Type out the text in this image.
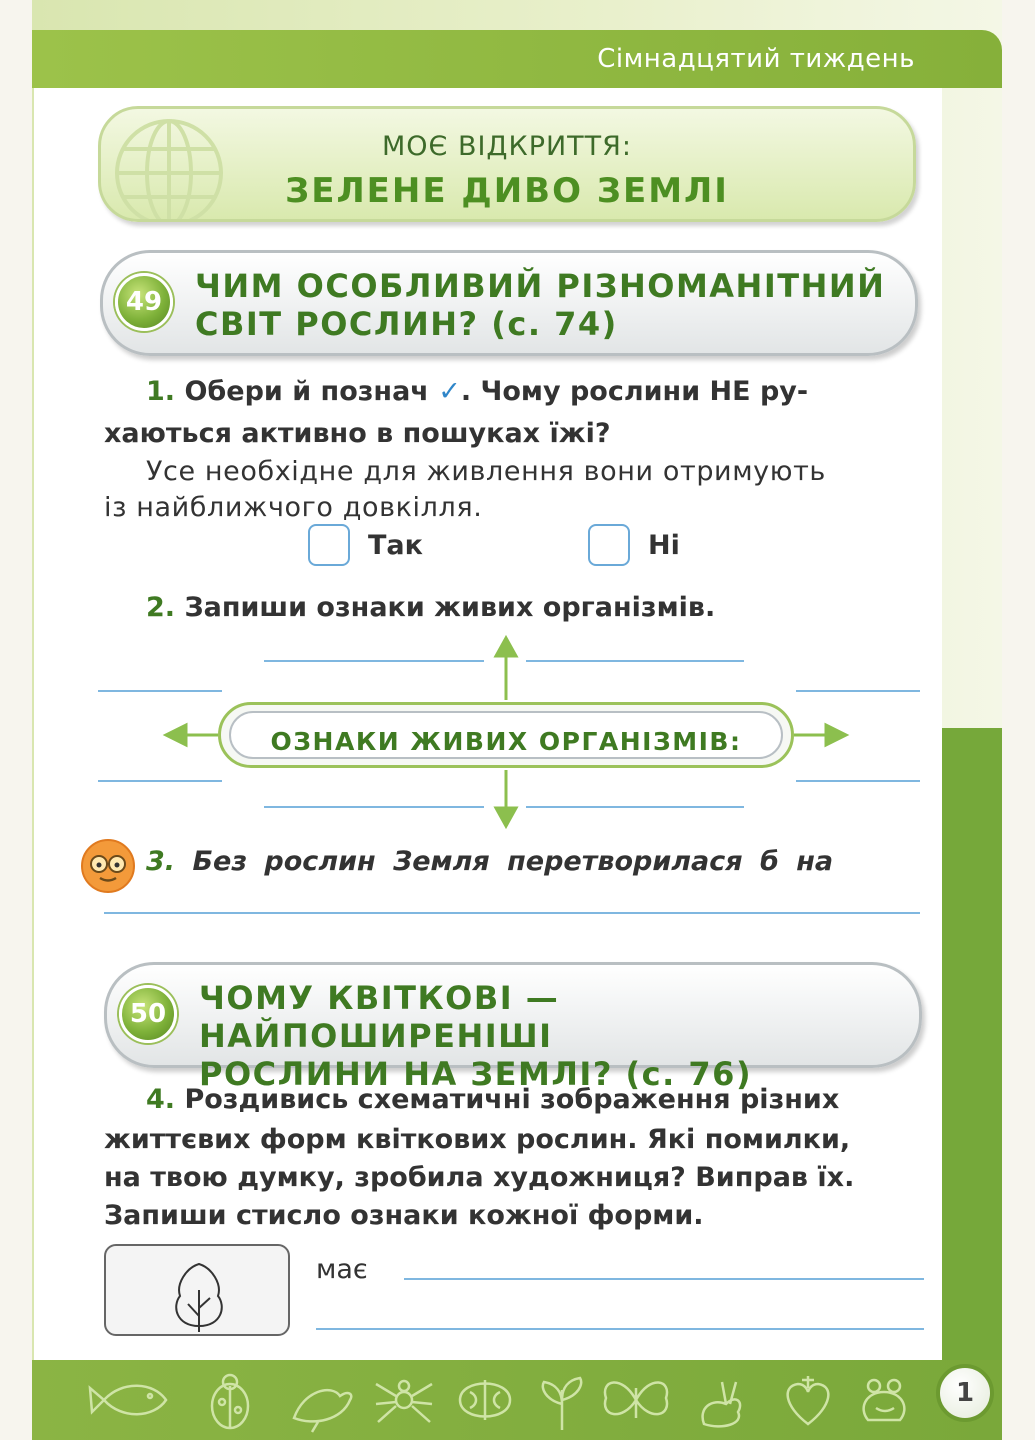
Сімнадцятий тиждень
МОЄ ВІДКРИТТЯ:
ЗЕЛЕНЕ ДИВО ЗЕМЛІ
49	ЧИМ ОСОБЛИВИЙ РІЗНОМАНІТНИЙ
СВІТ РОСЛИН? (с. 74)
1. Обери й познач ✓. Чому рослини НЕ ру-
хаються активно в пошуках їжі?
Усе необхідне для живлення вони отримують
із найближчого довкілля.
Так	Ні
2. Запиши ознаки живих організмів.
ОЗНАКИ ЖИВИХ ОРГАНІЗМІВ:
3. Без рослин Земля перетворилася б на
50	ЧОМУ КВІТКОВІ — НАЙПОШИРЕНІШІ
РОСЛИНИ НА ЗЕМЛІ? (с. 76)
4. Роздивись схематичні зображення різних
життєвих форм квіткових рослин. Які помилки,
на твою думку, зробила художниця? Виправ їх.
Запиши стисло ознаки кожної форми.
має
1
